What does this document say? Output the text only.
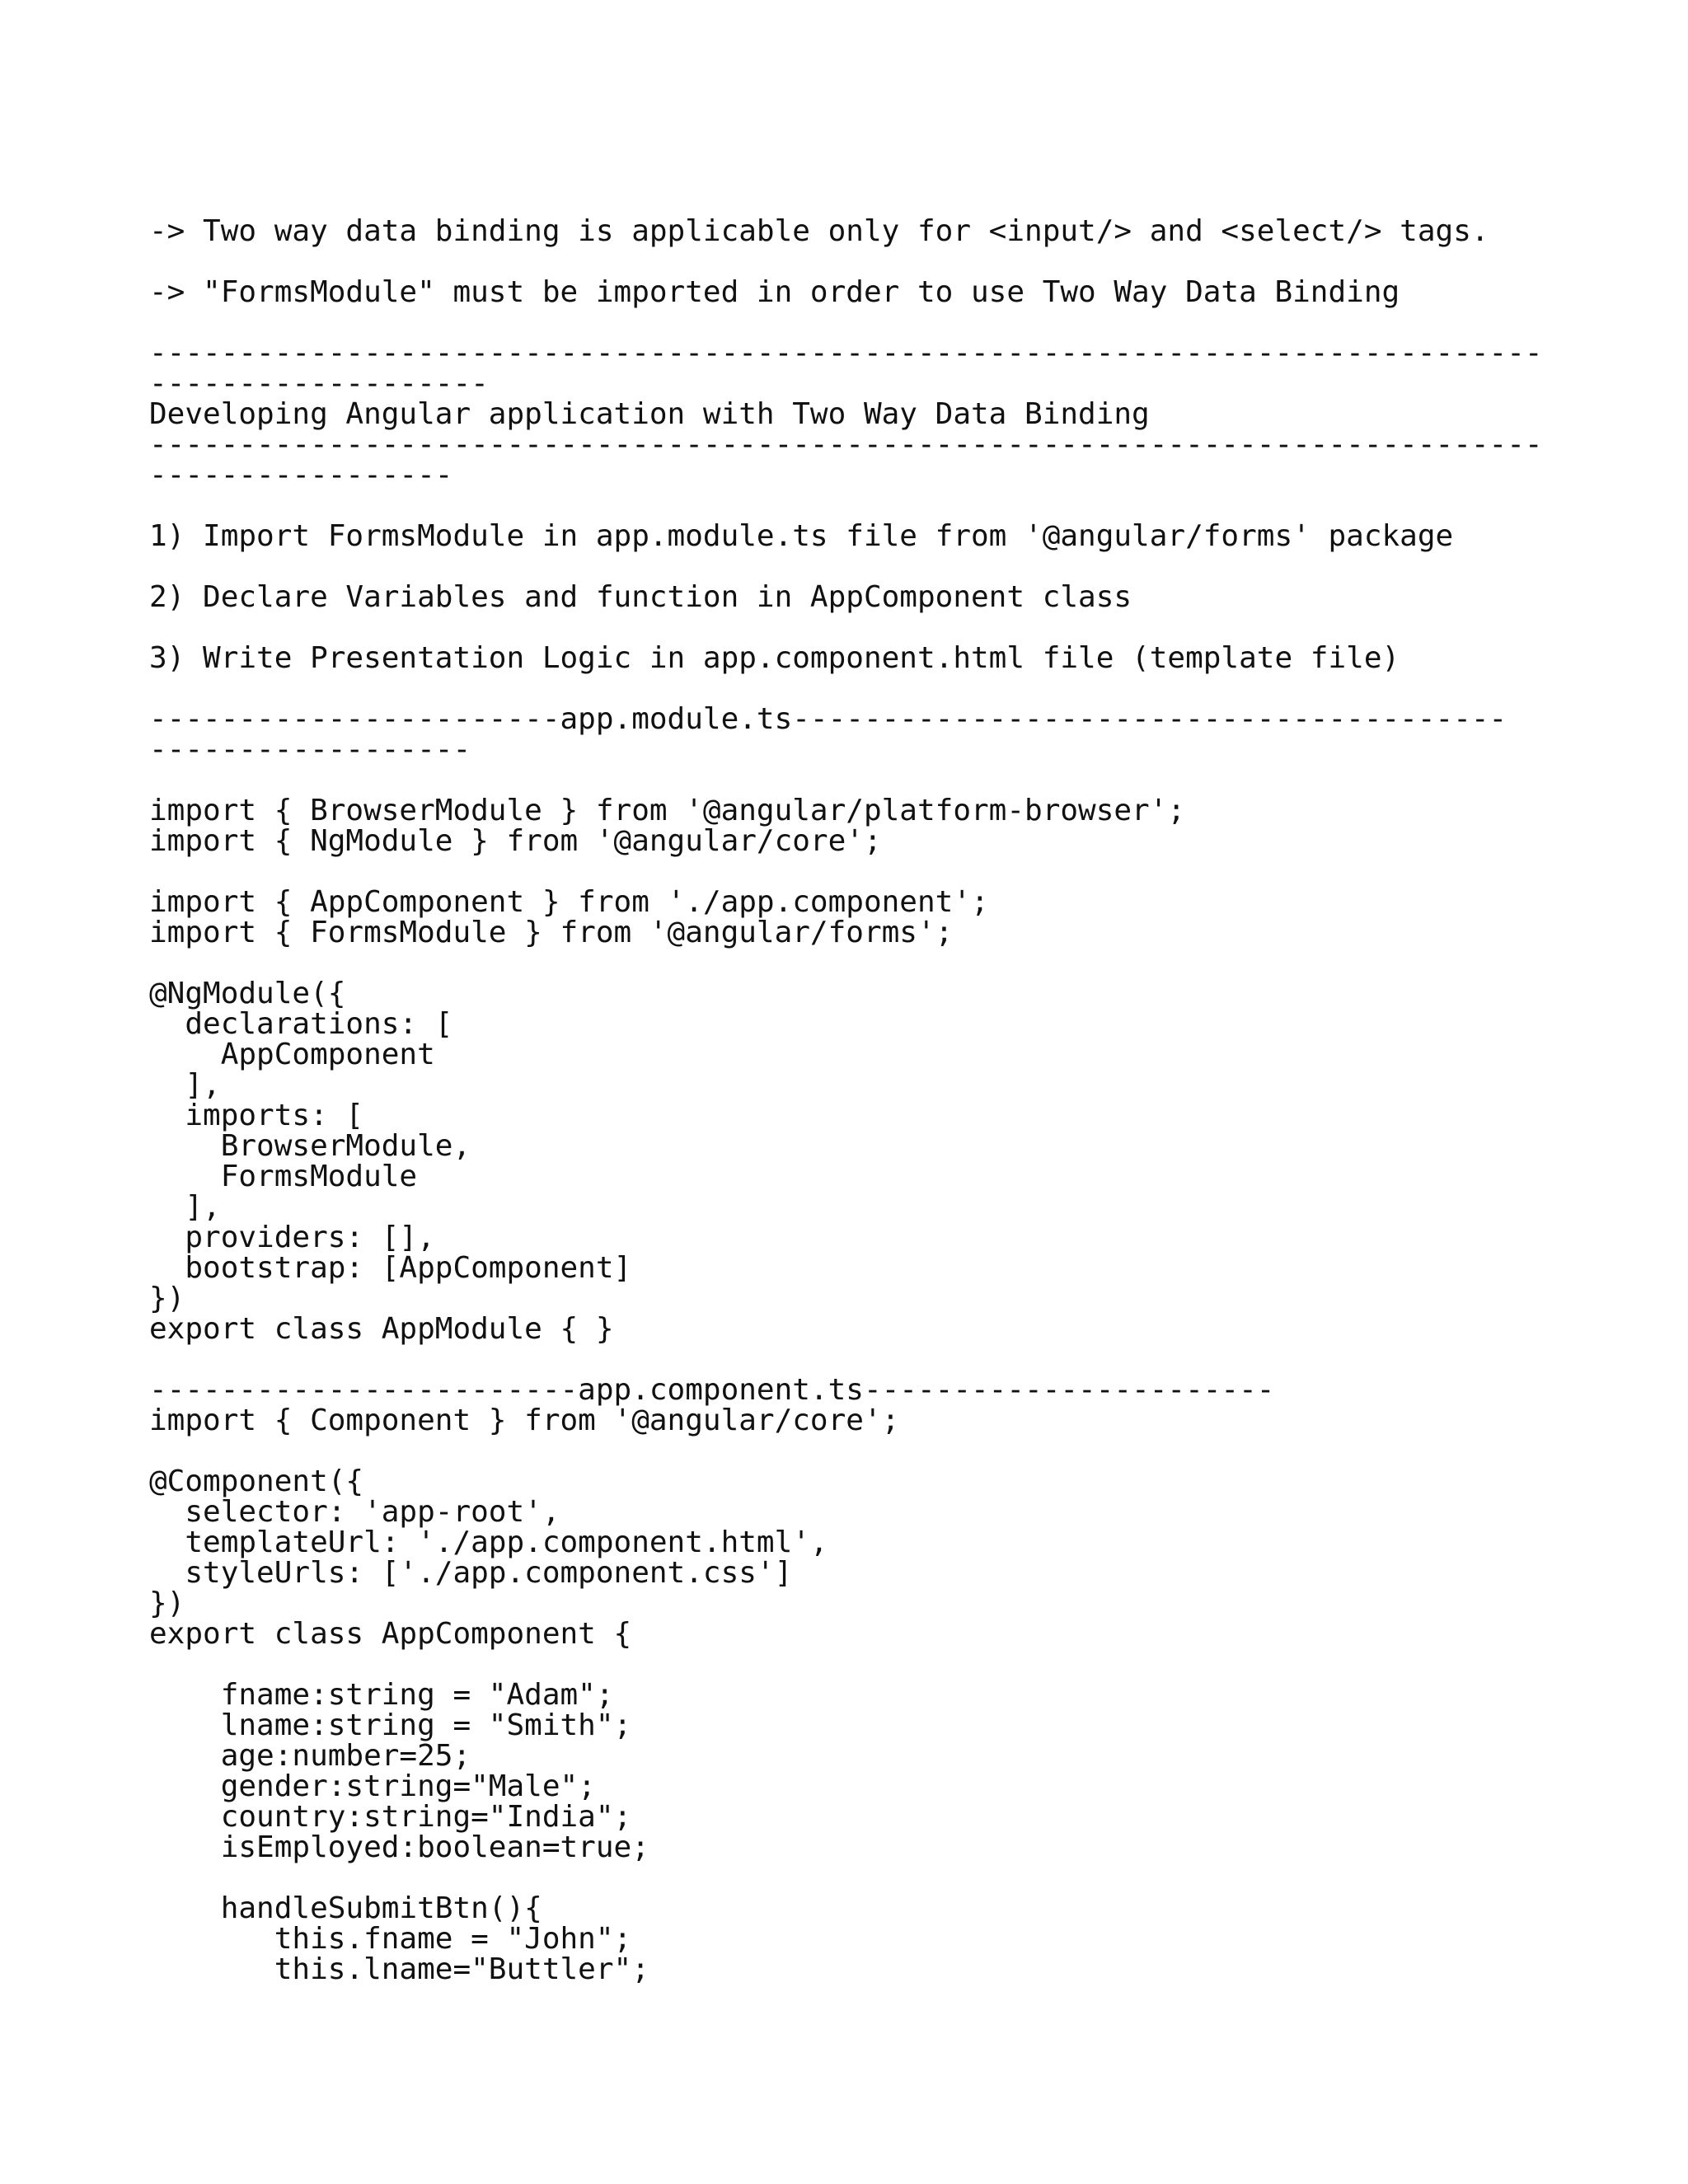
-> Two way data binding is applicable only for <input/> and <select/> tags.
-> "FormsModule" must be imported in order to use Two Way Data Binding
------------------------------------------------------------------------------
-------------------
Developing Angular application with Two Way Data Binding
------------------------------------------------------------------------------
-----------------
1) Import FormsModule in app.module.ts file from '@angular/forms' package
2) Declare Variables and function in AppComponent class
3) Write Presentation Logic in app.component.html file (template file)
-----------------------app.module.ts----------------------------------------
------------------
import { BrowserModule } from '@angular/platform-browser';
import { NgModule } from '@angular/core';
import { AppComponent } from './app.component';
import { FormsModule } from '@angular/forms';
@NgModule({
declarations: [
AppComponent
],
imports: [
BrowserModule,
FormsModule
],
providers: [],
bootstrap: [AppComponent]
})
export class AppModule { }
------------------------app.component.ts-----------------------
import { Component } from '@angular/core';
@Component({
selector: 'app-root',
templateUrl: './app.component.html',
styleUrls: ['./app.component.css']
})
export class AppComponent {
fname:string = "Adam";
lname:string = "Smith";
age:number=25;
gender:string="Male";
country:string="India";
isEmployed:boolean=true;
handleSubmitBtn(){
this.fname = "John";
this.lname="Buttler";
